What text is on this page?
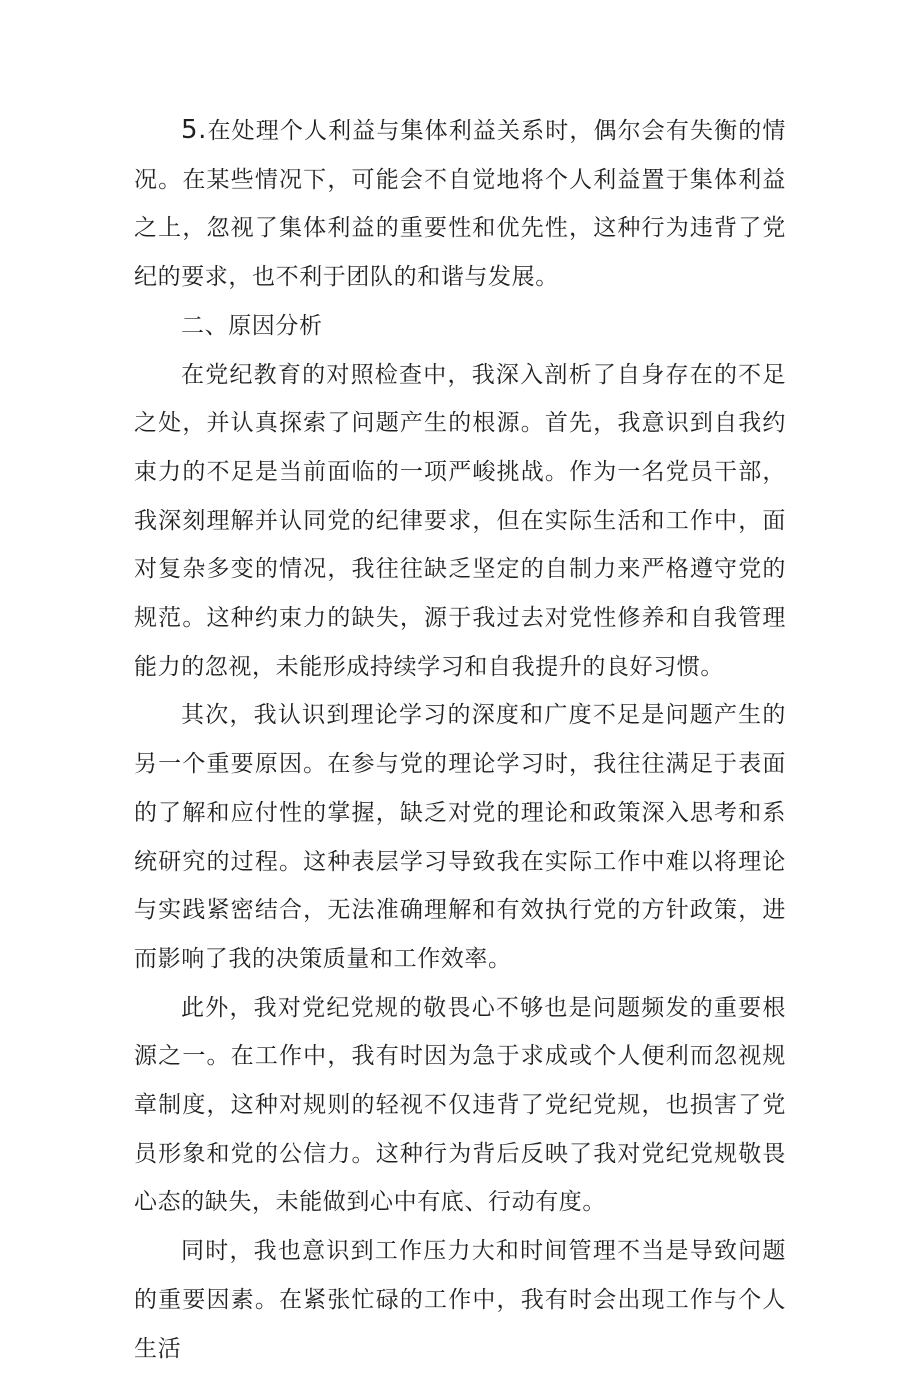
5.在处理个人利益与集体利益关系时，偶尔会有失衡的情况。在某些情况下，可能会不自觉地将个人利益置于集体利益之上，忽视了集体利益的重要性和优先性，这种行为违背了党纪的要求，也不利于团队的和谐与发展。

二、原因分析

在党纪教育的对照检查中，我深入剖析了自身存在的不足之处，并认真探索了问题产生的根源。首先，我意识到自我约束力的不足是当前面临的一项严峻挑战。作为一名党员干部，我深刻理解并认同党的纪律要求，但在实际生活和工作中，面对复杂多变的情况，我往往缺乏坚定的自制力来严格遵守党的规范。这种约束力的缺失，源于我过去对党性修养和自我管理能力的忽视，未能形成持续学习和自我提升的良好习惯。

其次，我认识到理论学习的深度和广度不足是问题产生的另一个重要原因。在参与党的理论学习时，我往往满足于表面的了解和应付性的掌握，缺乏对党的理论和政策深入思考和系统研究的过程。这种表层学习导致我在实际工作中难以将理论与实践紧密结合，无法准确理解和有效执行党的方针政策，进而影响了我的决策质量和工作效率。

此外，我对党纪党规的敬畏心不够也是问题频发的重要根源之一。在工作中，我有时因为急于求成或个人便利而忽视规章制度，这种对规则的轻视不仅违背了党纪党规，也损害了党员形象和党的公信力。这种行为背后反映了我对党纪党规敬畏心态的缺失，未能做到心中有底、行动有度。

同时，我也意识到工作压力大和时间管理不当是导致问题的重要因素。在紧张忙碌的工作中，我有时会出现工作与个人生活
